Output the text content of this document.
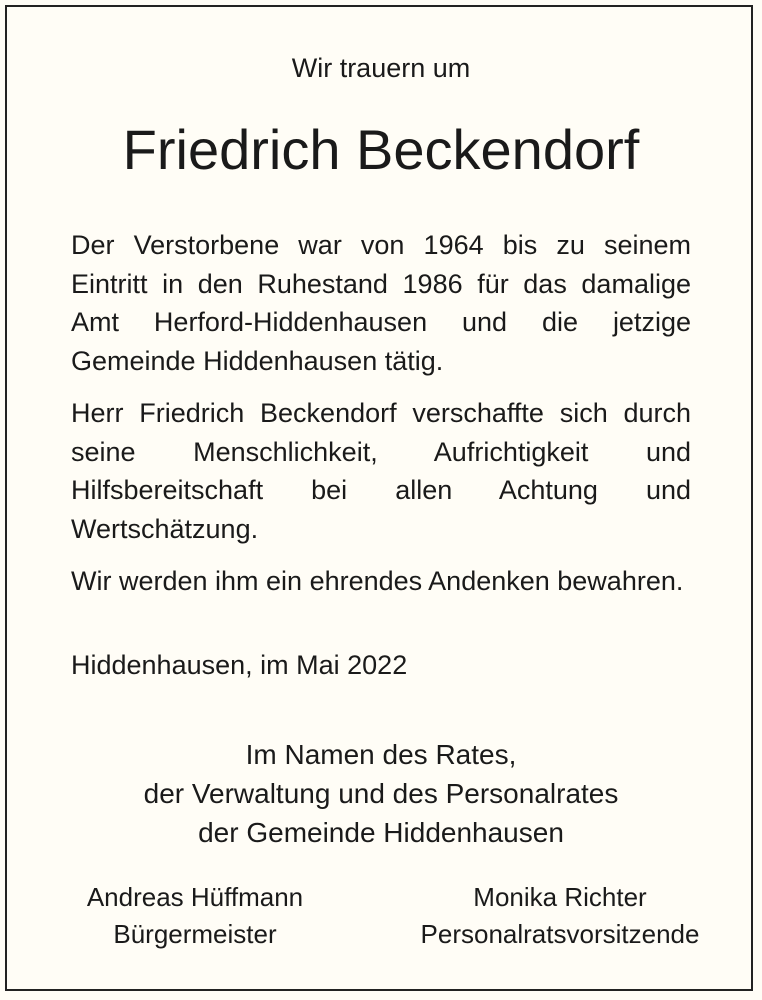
Wir trauern um
Friedrich Beckendorf

Der Verstorbene war von 1964 bis zu seinem Eintritt in den Ruhestand 1986 für das damalige Amt Herford-Hiddenhausen und die jetzige Gemeinde Hiddenhausen tätig.

Herr Friedrich Beckendorf verschaffte sich durch seine Menschlichkeit, Aufrichtigkeit und Hilfsbereitschaft bei allen Achtung und Wertschätzung.

Wir werden ihm ein ehrendes Andenken bewahren.

Hiddenhausen, im Mai 2022
Im Namen des Rates,
der Verwaltung und des Personalrates
der Gemeinde Hiddenhausen
Andreas Hüffmann
Bürgermeister
Monika Richter
Personalratsvorsitzende
